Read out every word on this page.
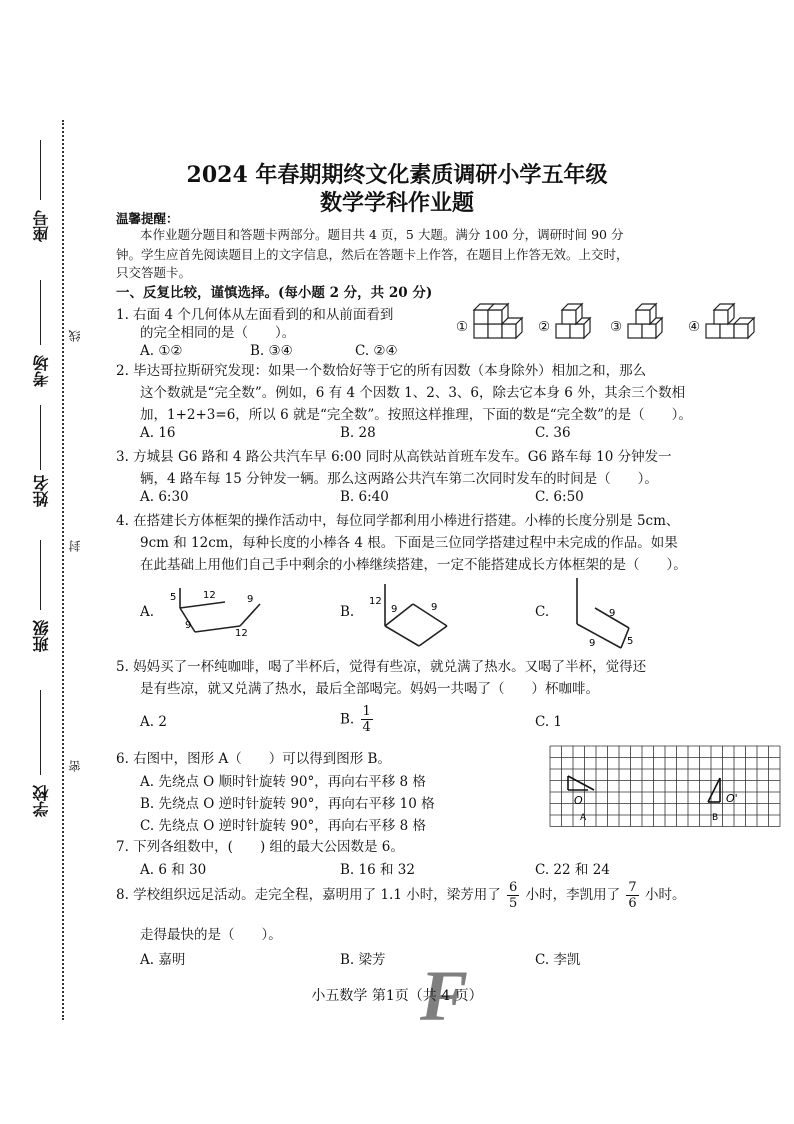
座号
考场
姓名
班级
学校
线
封
密
2024 年春期期终文化素质调研小学五年级
数学学科作业题
温馨提醒：
本作业题分题目和答题卡两部分。题目共 4 页，5 大题。满分 100 分，调研时间 90 分
钟。学生应首先阅读题目上的文字信息，然后在答题卡上作答，在题目上作答无效。上交时，
只交答题卡。
一、反复比较，谨慎选择。(每小题 2 分，共 20 分)
1. 右面 4 个几何体从左面看到的和从前面看到
的完全相同的是（　　）。
A. ①②	B. ③④	C. ②④
①	②	③	④
2. 毕达哥拉斯研究发现：如果一个数恰好等于它的所有因数（本身除外）相加之和，那么
这个数就是“完全数”。例如，6 有 4 个因数 1、2、3、6，除去它本身 6 外，其余三个数相
加，1+2+3=6，所以 6 就是“完全数”。按照这样推理，下面的数是“完全数”的是（　　）。
A. 16	B. 28	C. 36
3. 方城县 G6 路和 4 路公共汽车早 6:00 同时从高铁站首班车发车。G6 路车每 10 分钟发一
辆，4 路车每 15 分钟发一辆。那么这两路公共汽车第二次同时发车的时间是（　　）。
A. 6:30	B. 6:40	C. 6:50
4. 在搭建长方体框架的操作活动中，每位同学都利用小棒进行搭建。小棒的长度分别是 5cm、
9cm 和 12cm，每种长度的小棒各 4 根。下面是三位同学搭建过程中未完成的作品。如果
在此基础上用他们自己手中剩余的小棒继续搭建，一定不能搭建成长方体框架的是（　　）。
A.	B.	C.
5	12	9
9
12
12
9	9
9
9	5
5. 妈妈买了一杯纯咖啡，喝了半杯后，觉得有些凉，就兑满了热水。又喝了半杯，觉得还
是有些凉，就又兑满了热水，最后全部喝完。妈妈一共喝了（　　）杯咖啡。
A. 2	B. $\frac{1}{4}$	C. 1
6. 右图中，图形 A（　　）可以得到图形 B。
A. 先绕点 O 顺时针旋转 90°，再向右平移 8 格
B. 先绕点 O 逆时针旋转 90°，再向右平移 10 格
C. 先绕点 O 逆时针旋转 90°，再向右平移 8 格
O	O'
A	B
7. 下列各组数中，(　　) 组的最大公因数是 6。
A. 6 和 30	B. 16 和 32	C. 22 和 24
8. 学校组织远足活动。走完全程，嘉明用了 1.1 小时，梁芳用了 $\frac{6}{5}$ 小时，李凯用了 $\frac{7}{6}$ 小时。
走得最快的是（　　）。
A. 嘉明	B. 梁芳	C. 李凯
F
小五数学 第1页（共 4 页）
